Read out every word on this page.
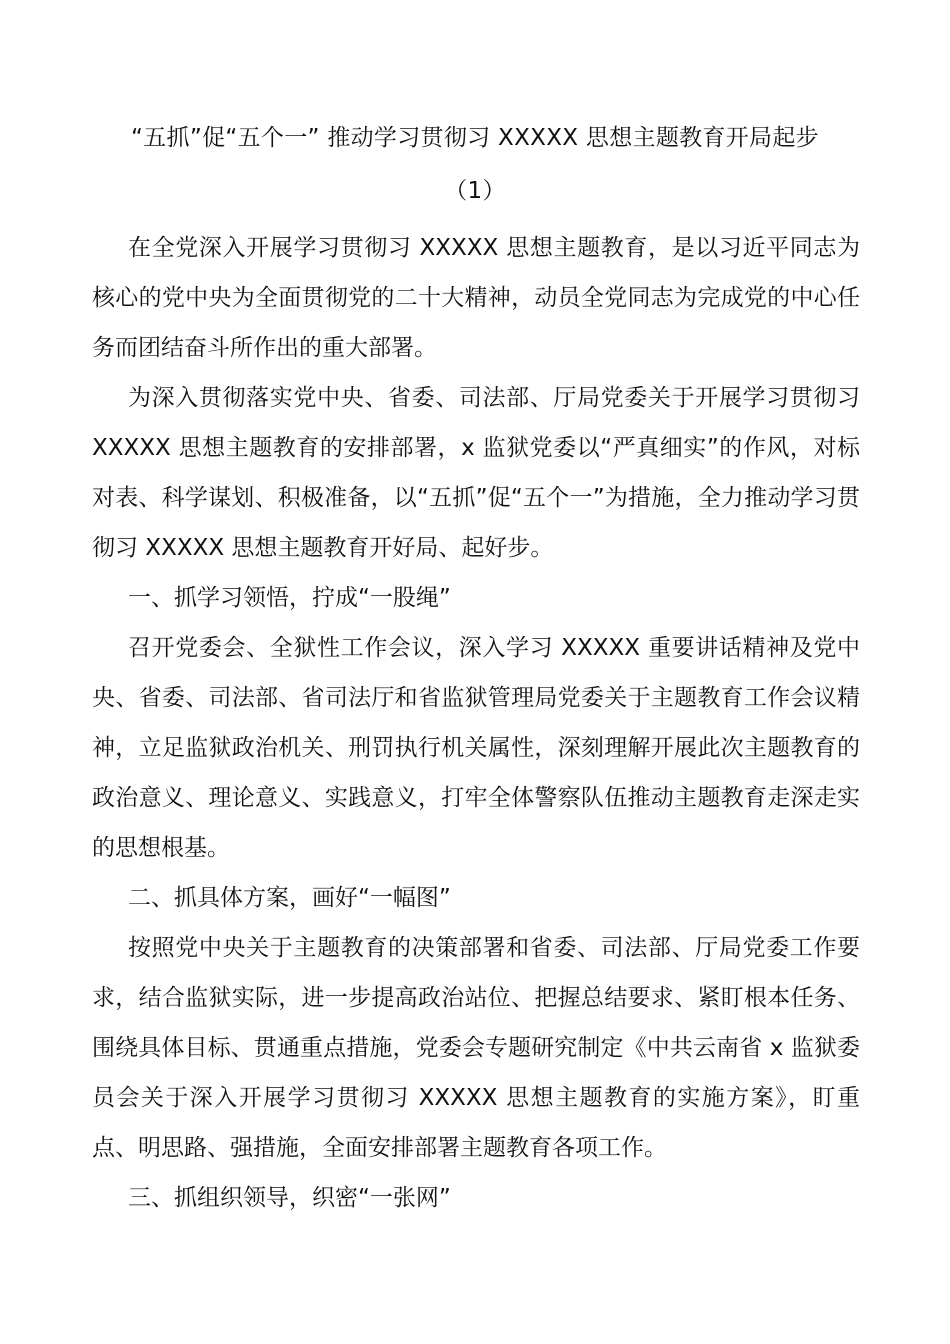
“五抓”促“五个一” 推动学习贯彻习 XXXXX 思想主题教育开局起步
（1）

在全党深入开展学习贯彻习 XXXXX 思想主题教育，是以习近平同志为核心的党中央为全面贯彻党的二十大精神，动员全党同志为完成党的中心任务而团结奋斗所作出的重大部署。

为深入贯彻落实党中央、省委、司法部、厅局党委关于开展学习贯彻习 XXXXX 思想主题教育的安排部署，x 监狱党委以“严真细实”的作风，对标对表、科学谋划、积极准备，以“五抓”促“五个一”为措施，全力推动学习贯彻习 XXXXX 思想主题教育开好局、起好步。

一、抓学习领悟，拧成“一股绳”

召开党委会、全狱性工作会议，深入学习 XXXXX 重要讲话精神及党中央、省委、司法部、省司法厅和省监狱管理局党委关于主题教育工作会议精神，立足监狱政治机关、刑罚执行机关属性，深刻理解开展此次主题教育的政治意义、理论意义、实践意义，打牢全体警察队伍推动主题教育走深走实的思想根基。

二、抓具体方案，画好“一幅图”

按照党中央关于主题教育的决策部署和省委、司法部、厅局党委工作要求，结合监狱实际，进一步提高政治站位、把握总结要求、紧盯根本任务、围绕具体目标、贯通重点措施，党委会专题研究制定《中共云南省 x 监狱委员会关于深入开展学习贯彻习 XXXXX 思想主题教育的实施方案》，盯重点、明思路、强措施，全面安排部署主题教育各项工作。

三、抓组织领导，织密“一张网”
